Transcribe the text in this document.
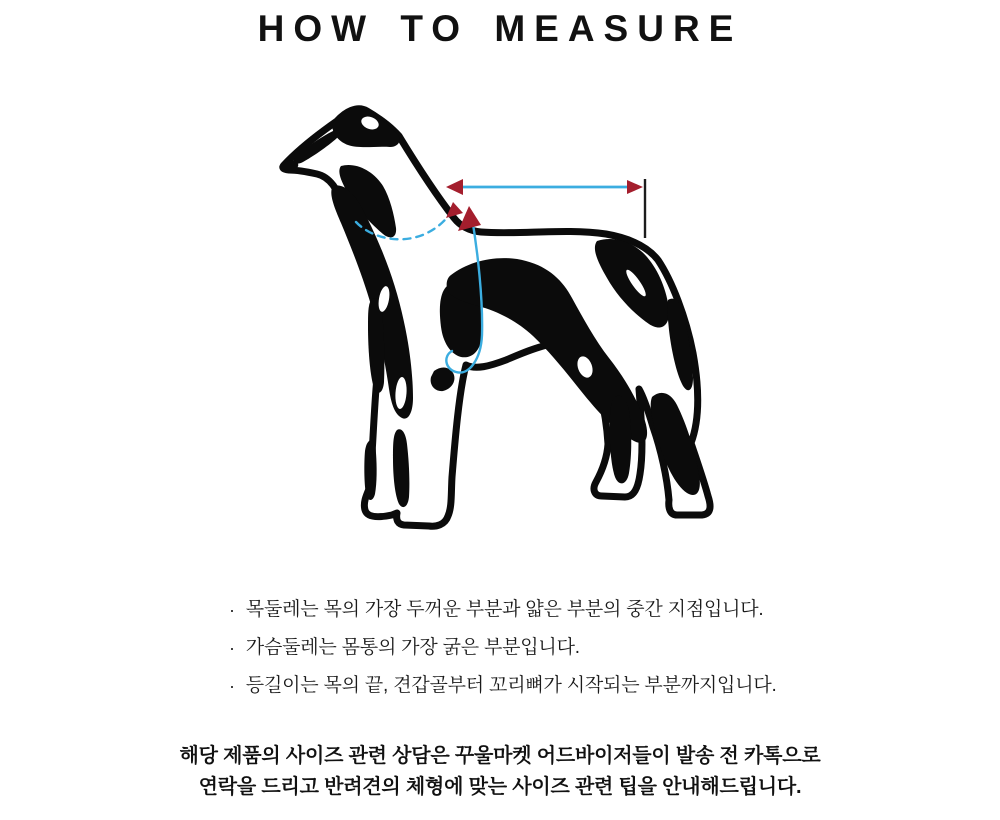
HOW TO MEASURE
· 목둘레는 목의 가장 두꺼운 부분과 얇은 부분의 중간 지점입니다.
· 가슴둘레는 몸통의 가장 굵은 부분입니다.
· 등길이는 목의 끝, 견갑골부터 꼬리뼈가 시작되는 부분까지입니다.

해당 제품의 사이즈 관련 상담은 꾸울마켓 어드바이저들이 발송 전 카톡으로
연락을 드리고 반려견의 체형에 맞는 사이즈 관련 팁을 안내해드립니다.
